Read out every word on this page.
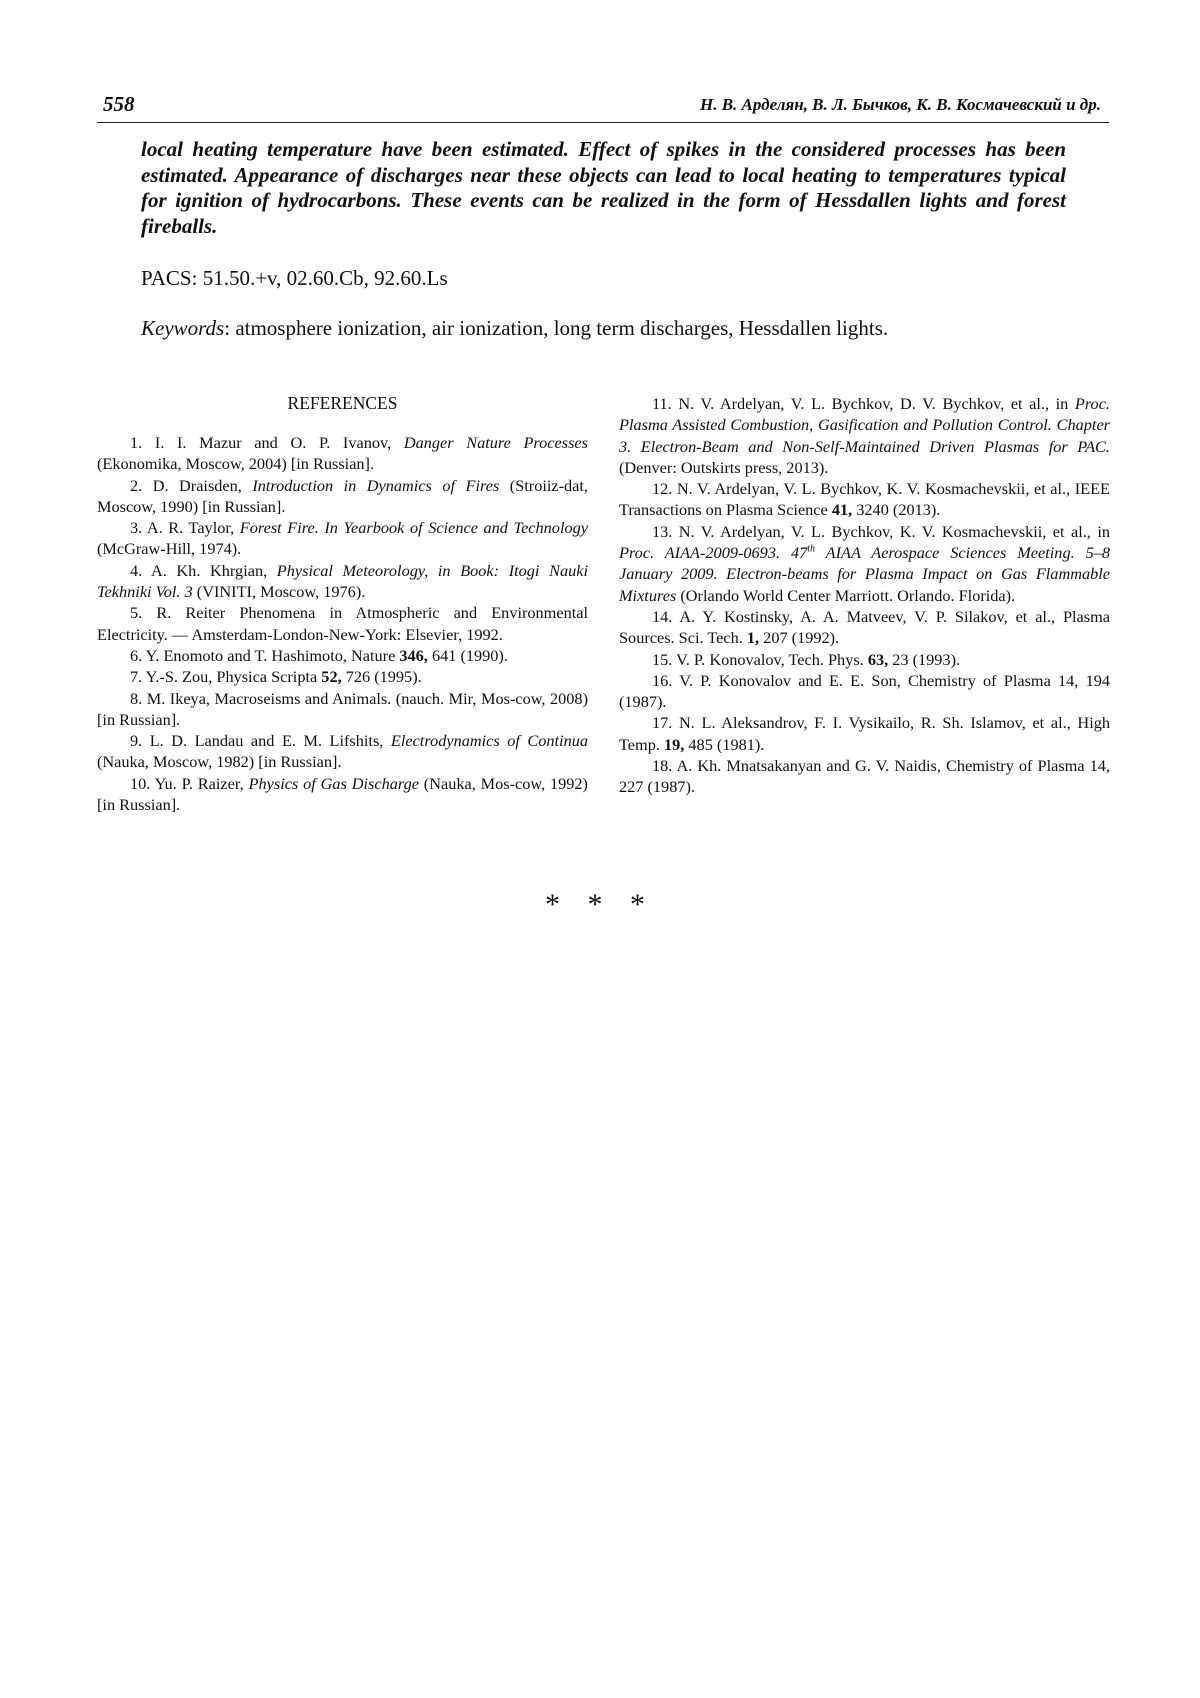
558	Н. В. Арделян, В. Л. Бычков, К. В. Космачевский и др.

local heating temperature have been estimated. Effect of spikes in the considered processes has been estimated. Appearance of discharges near these objects can lead to local heating to temperatures typical for ignition of hydrocarbons. These events can be realized in the form of Hessdallen lights and forest fireballs.

PACS: 51.50.+v, 02.60.Cb, 92.60.Ls

Keywords: atmosphere ionization, air ionization, long term discharges, Hessdallen lights.

REFERENCES

1. I. I. Mazur and O. P. Ivanov, Danger Nature Processes (Ekonomika, Moscow, 2004) [in Russian].

2. D. Draisden, Introduction in Dynamics of Fires (Stroiiz-dat, Moscow, 1990) [in Russian].

3. A. R. Taylor, Forest Fire. In Yearbook of Science and Technology (McGraw-Hill, 1974).

4. A. Kh. Khrgian, Physical Meteorology, in Book: Itogi Nauki Tekhniki Vol. 3 (VINITI, Moscow, 1976).

5. R. Reiter Phenomena in Atmospheric and Environmental Electricity. — Amsterdam-London-New-York: Elsevier, 1992.

6. Y. Enomoto and T. Hashimoto, Nature 346, 641 (1990).

7. Y.-S. Zou, Physica Scripta 52, 726 (1995).

8. M. Ikeya, Macroseisms and Animals. (nauch. Mir, Mos-cow, 2008) [in Russian].

9. L. D. Landau and E. M. Lifshits, Electrodynamics of Continua (Nauka, Moscow, 1982) [in Russian].

10. Yu. P. Raizer, Physics of Gas Discharge (Nauka, Mos-cow, 1992) [in Russian].

11. N. V. Ardelyan, V. L. Bychkov, D. V. Bychkov, et al., in Proc. Plasma Assisted Combustion, Gasification and Pollution Control. Chapter 3. Electron-Beam and Non-Self-Maintained Driven Plasmas for PAC. (Denver: Outskirts press, 2013).

12. N. V. Ardelyan, V. L. Bychkov, K. V. Kosmachevskii, et al., IEEE Transactions on Plasma Science 41, 3240 (2013).

13. N. V. Ardelyan, V. L. Bychkov, K. V. Kosmachevskii, et al., in Proc. AIAA-2009-0693. 47th AIAA Aerospace Sciences Meeting. 5–8 January 2009. Electron-beams for Plasma Impact on Gas Flammable Mixtures (Orlando World Center Marriott. Orlando. Florida).

14. A. Y. Kostinsky, A. A. Matveev, V. P. Silakov, et al., Plasma Sources. Sci. Tech. 1, 207 (1992).

15. V. P. Konovalov, Tech. Phys. 63, 23 (1993).

16. V. P. Konovalov and E. E. Son, Chemistry of Plasma 14, 194 (1987).

17. N. L. Aleksandrov, F. I. Vysikailo, R. Sh. Islamov, et al., High Temp. 19, 485 (1981).

18. A. Kh. Mnatsakanyan and G. V. Naidis, Chemistry of Plasma 14, 227 (1987).

* * *
